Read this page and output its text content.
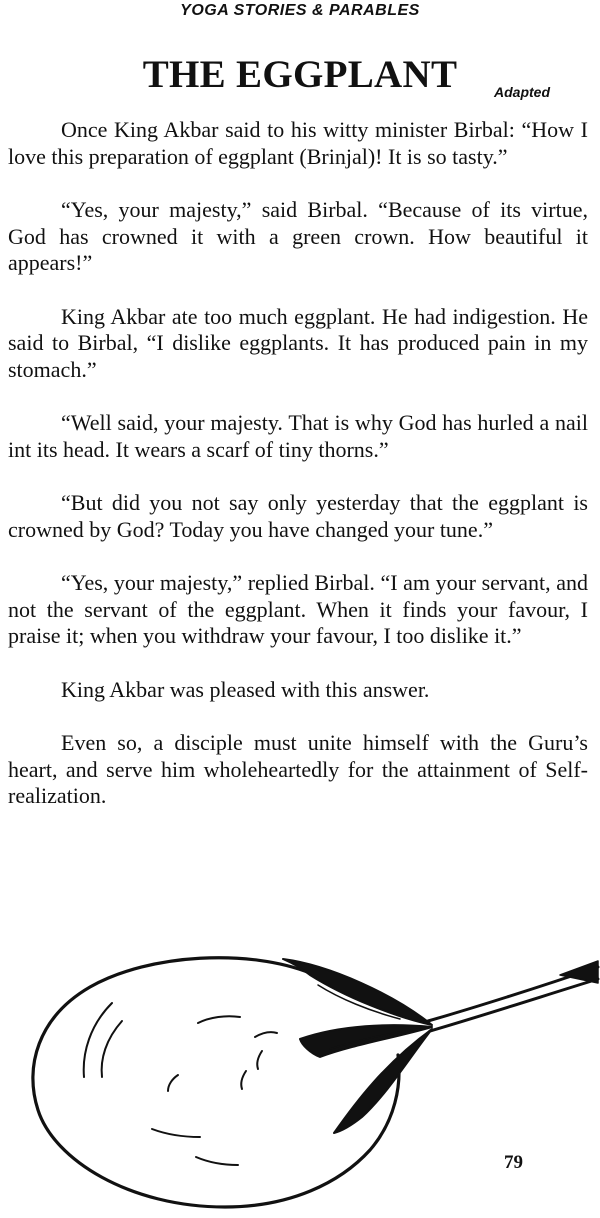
YOGA STORIES & PARABLES
THE EGGPLANT	Adapted

Once King Akbar said to his witty minister Birbal: “How I love this preparation of eggplant (Brinjal)! It is so tasty.”

“Yes, your majesty,” said Birbal. “Because of its virtue, God has crowned it with a green crown. How beautiful it appears!”

King Akbar ate too much eggplant. He had indigestion. He said to Birbal, “I dislike eggplants. It has produced pain in my stomach.”

“Well said, your majesty. That is why God has hurled a nail int its head. It wears a scarf of tiny thorns.”

“But did you not say only yesterday that the eggplant is crowned by God? Today you have changed your tune.”

“Yes, your majesty,” replied Birbal. “I am your servant, and not the servant of the eggplant. When it finds your favour, I praise it; when you withdraw your favour, I too dislike it.”

King Akbar was pleased with this answer.

Even so, a disciple must unite himself with the Guru’s heart, and serve him wholeheartedly for the attainment of Self-realization.

79
